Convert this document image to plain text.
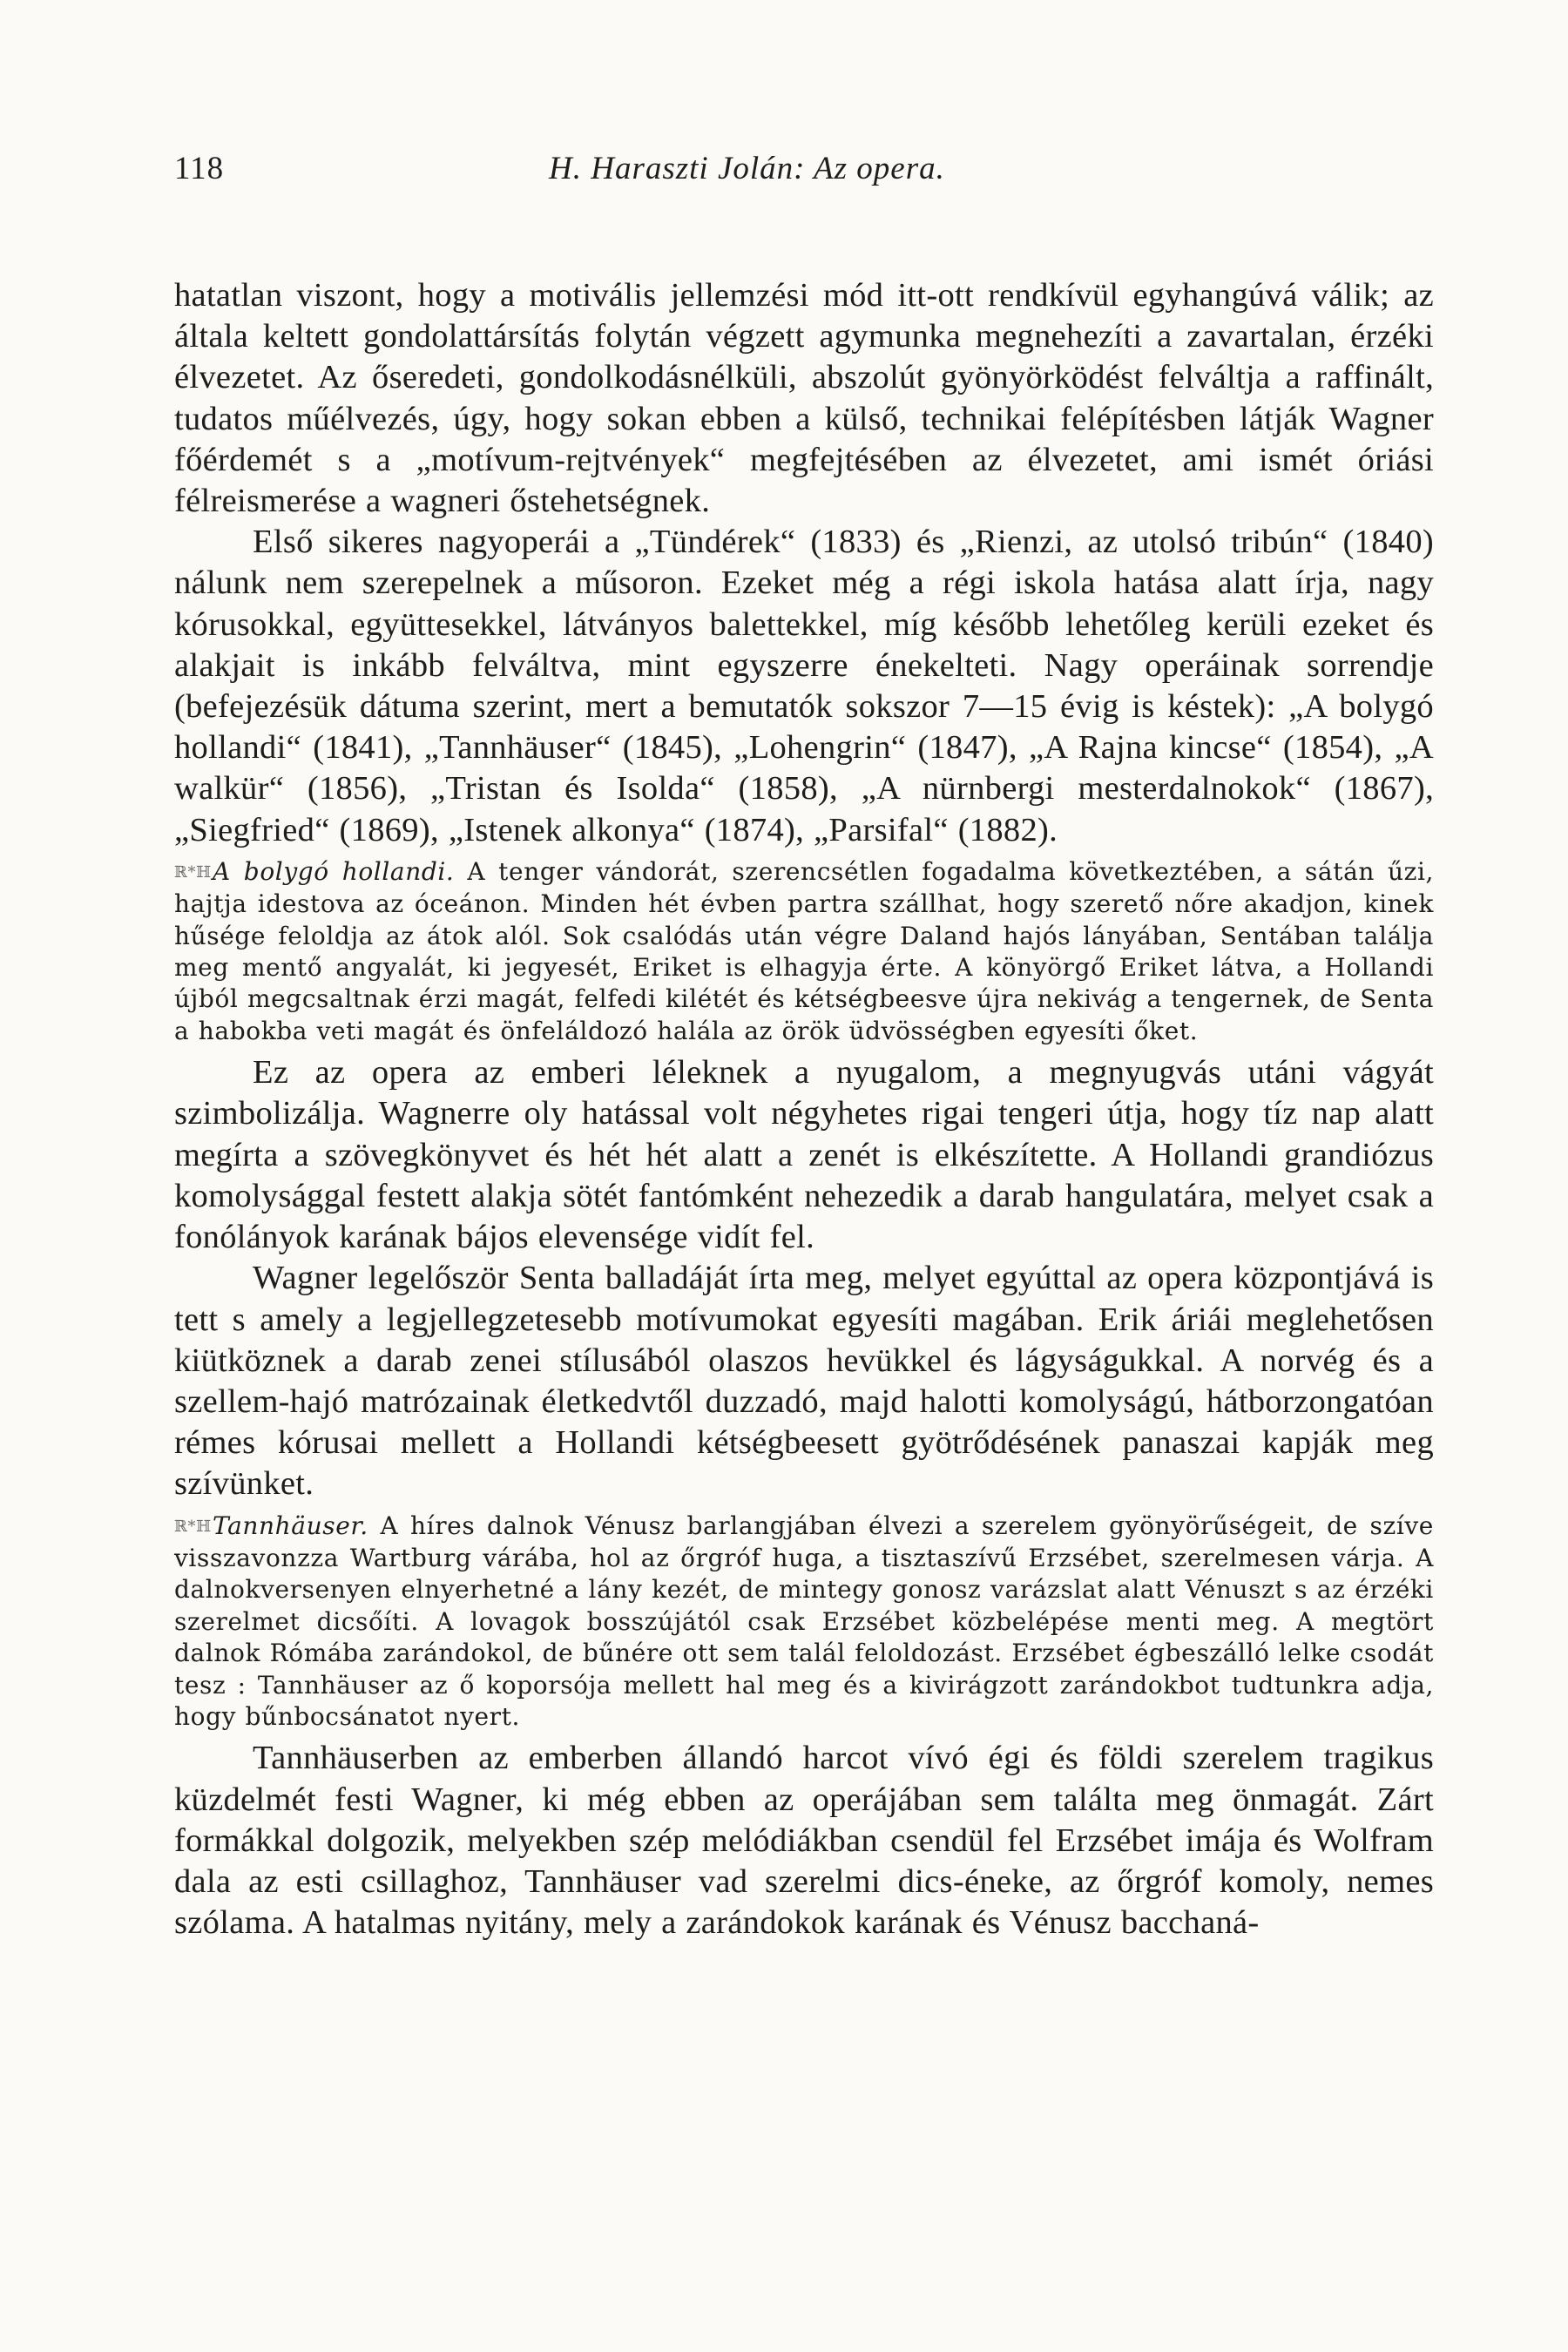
118	H. Haraszti Jolán: Az opera.

hatatlan viszont, hogy a motivális jellemzési mód itt-ott rendkívül egyhangúvá válik; az általa keltett gondolattársítás folytán végzett agymunka megnehezíti a zavartalan, érzéki élvezetet. Az őseredeti, gondolkodásnélküli, abszolút gyönyörködést felváltja a raffinált, tudatos műélvezés, úgy, hogy sokan ebben a külső, technikai felépítésben látják Wagner főérdemét s a „motívum-rejtvények“ megfejtésében az élvezetet, ami ismét óriási félreismerése a wagneri őstehetségnek.

Első sikeres nagyoperái a „Tündérek“ (1833) és „Rienzi, az utolsó tribún“ (1840) nálunk nem szerepelnek a műsoron. Ezeket még a régi iskola hatása alatt írja, nagy kórusokkal, együttesekkel, látványos balettekkel, míg később lehetőleg kerüli ezeket és alakjait is inkább felváltva, mint egyszerre énekelteti. Nagy operáinak sorrendje (befejezésük dátuma szerint, mert a bemutatók sokszor 7—15 évig is késtek): „A bolygó hollandi“ (1841), „Tannhäuser“ (1845), „Lohengrin“ (1847), „A Rajna kincse“ (1854), „A walkür“ (1856), „Tristan és Isolda“ (1858), „A nürnbergi mesterdalnokok“ (1867), „Siegfried“ (1869), „Istenek alkonya“ (1874), „Parsifal“ (1882).

ℝ*ℍA bolygó hollandi. A tenger vándorát, szerencsétlen fogadalma következtében, a sátán űzi, hajtja idestova az óceánon. Minden hét évben partra szállhat, hogy szerető nőre akadjon, kinek hűsége feloldja az átok alól. Sok csalódás után végre Daland hajós lányában, Sentában találja meg mentő angyalát, ki jegyesét, Eriket is elhagyja érte. A könyörgő Eriket látva, a Hollandi újból megcsaltnak érzi magát, felfedi kilétét és kétségbeesve újra nekivág a tengernek, de Senta a habokba veti magát és önfeláldozó halála az örök üdvösségben egyesíti őket.

Ez az opera az emberi léleknek a nyugalom, a megnyugvás utáni vágyát szimbolizálja. Wagnerre oly hatással volt négyhetes rigai tengeri útja, hogy tíz nap alatt megírta a szövegkönyvet és hét hét alatt a zenét is elkészítette. A Hollandi grandiózus komolysággal festett alakja sötét fantómként nehezedik a darab hangulatára, melyet csak a fonólányok karának bájos elevensége vidít fel.

Wagner legelőször Senta balladáját írta meg, melyet egyúttal az opera központjává is tett s amely a legjellegzetesebb motívumokat egyesíti magában. Erik áriái meglehetősen kiütköznek a darab zenei stílusából olaszos hevükkel és lágyságukkal. A norvég és a szellem-hajó matrózainak életkedvtől duzzadó, majd halotti komolyságú, hátborzongatóan rémes kórusai mellett a Hollandi kétségbeesett gyötrődésének panaszai kapják meg szívünket.

ℝ*ℍTannhäuser. A híres dalnok Vénusz barlangjában élvezi a szerelem gyönyörűségeit, de szíve visszavonzza Wartburg várába, hol az őrgróf huga, a tisztaszívű Erzsébet, szerelmesen várja. A dalnokversenyen elnyerhetné a lány kezét, de mintegy gonosz varázslat alatt Vénuszt s az érzéki szerelmet dicsőíti. A lovagok bosszújától csak Erzsébet közbelépése menti meg. A megtört dalnok Rómába zarándokol, de bűnére ott sem talál feloldozást. Erzsébet égbeszálló lelke csodát tesz : Tannhäuser az ő koporsója mellett hal meg és a kivirágzott zarándokbot tudtunkra adja, hogy bűnbocsánatot nyert.

Tannhäuserben az emberben állandó harcot vívó égi és földi szerelem tragikus küzdelmét festi Wagner, ki még ebben az operájában sem találta meg önmagát. Zárt formákkal dolgozik, melyekben szép melódiákban csendül fel Erzsébet imája és Wolfram dala az esti csillaghoz, Tannhäuser vad szerelmi dics-éneke, az őrgróf komoly, nemes szólama. A hatalmas nyitány, mely a zarándokok karának és Vénusz bacchaná-
